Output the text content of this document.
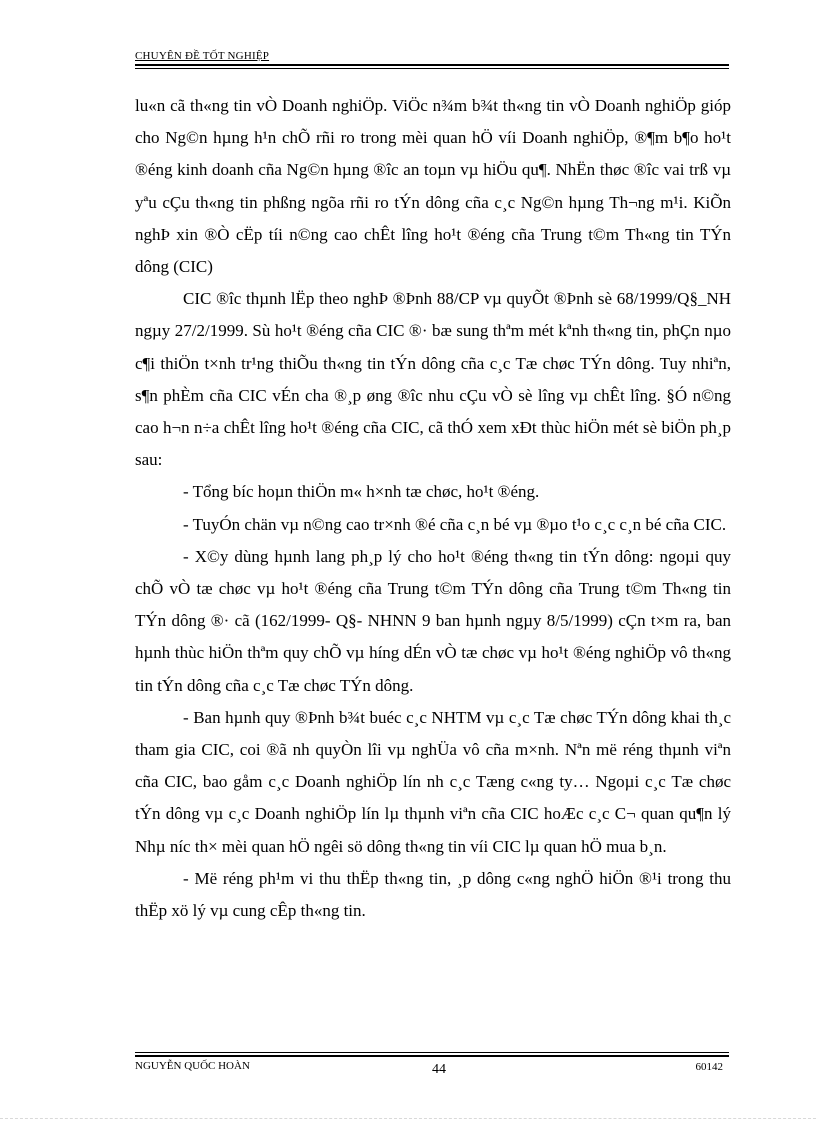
CHUYÊN ĐỀ TỐT NGHIỆP

lu«n cã th«ng tin vÒ Doanh nghiÖp. ViÖc n¾m b¾t th«ng tin vÒ Doanh nghiÖp gióp cho Ng©n hµng h¹n chÕ rñi ro trong mèi quan hÖ víi Doanh nghiÖp, ®¶m b¶o ho¹t ®éng kinh doanh cña Ng©n hµng ®îc an toµn vµ hiÖu qu¶. NhËn thøc ®îc vai trß vµ yªu cÇu th«ng tin phßng ngõa rñi ro tÝn dông cña c¸c Ng©n hµng Th¬ng m¹i. KiÕn nghÞ xin ®Ò cËp tíi n©ng cao chÊt lîng ho¹t ®éng cña Trung t©m Th«ng tin TÝn dông (CIC)

CIC ®îc thµnh lËp theo nghÞ ®Þnh 88/CP vµ quyÕt ®Þnh sè 68/1999/Q§_NH ngµy 27/2/1999. Sù ho¹t ®éng cña CIC ®· bæ sung thªm mét kªnh th«ng tin, phÇn nµo c¶i thiÖn t×nh tr¹ng thiÕu th«ng tin tÝn dông cña c¸c Tæ chøc TÝn dông. Tuy nhiªn, s¶n phÈm cña CIC vÉn cha ®¸p øng ®îc nhu cÇu vÒ sè lîng vµ chÊt lîng. §Ó n©ng cao h¬n n÷a chÊt lîng ho¹t ®éng cña CIC, cã thÓ xem xÐt thùc hiÖn mét sè biÖn ph¸p sau:

- Tổng bíc hoµn thiÖn m« h×nh tæ chøc, ho¹t ®éng.

- TuyÓn chän vµ n©ng cao tr×nh ®é cña c¸n bé vµ ®µo t¹o c¸c c¸n bé cña CIC.

- X©y dùng hµnh lang ph¸p lý cho ho¹t ®éng th«ng tin tÝn dông: ngoµi quy chÕ vÒ tæ chøc vµ ho¹t ®éng cña Trung t©m TÝn dông cña Trung t©m Th«ng tin TÝn dông ®· cã (162/1999- Q§- NHNN 9 ban hµnh ngµy 8/5/1999) cÇn t×m ra, ban hµnh thùc hiÖn thªm quy chÕ vµ híng dÉn vÒ tæ chøc vµ ho¹t ®éng nghiÖp vô th«ng tin tÝn dông cña c¸c Tæ chøc TÝn dông.

- Ban hµnh quy ®Þnh b¾t buéc c¸c NHTM vµ c¸c Tæ chøc TÝn dông khai th¸c tham gia CIC, coi ®ã nh quyÒn lîi vµ nghÜa vô cña m×nh. Nªn më réng thµnh viªn cña CIC, bao gåm c¸c Doanh nghiÖp lín nh c¸c Tæng c«ng ty… Ngoµi c¸c Tæ chøc tÝn dông vµ c¸c Doanh nghiÖp lín lµ thµnh viªn cña CIC hoÆc c¸c C¬ quan qu¶n lý Nhµ níc th× mèi quan hÖ ngêi sö dông th«ng tin víi CIC lµ quan hÖ mua b¸n.

- Më réng ph¹m vi thu thËp th«ng tin, ¸p dông c«ng nghÖ hiÖn ®¹i trong thu thËp xö lý vµ cung cÊp th«ng tin.

NGUYỄN QUỐC HOÀN	44	60142
